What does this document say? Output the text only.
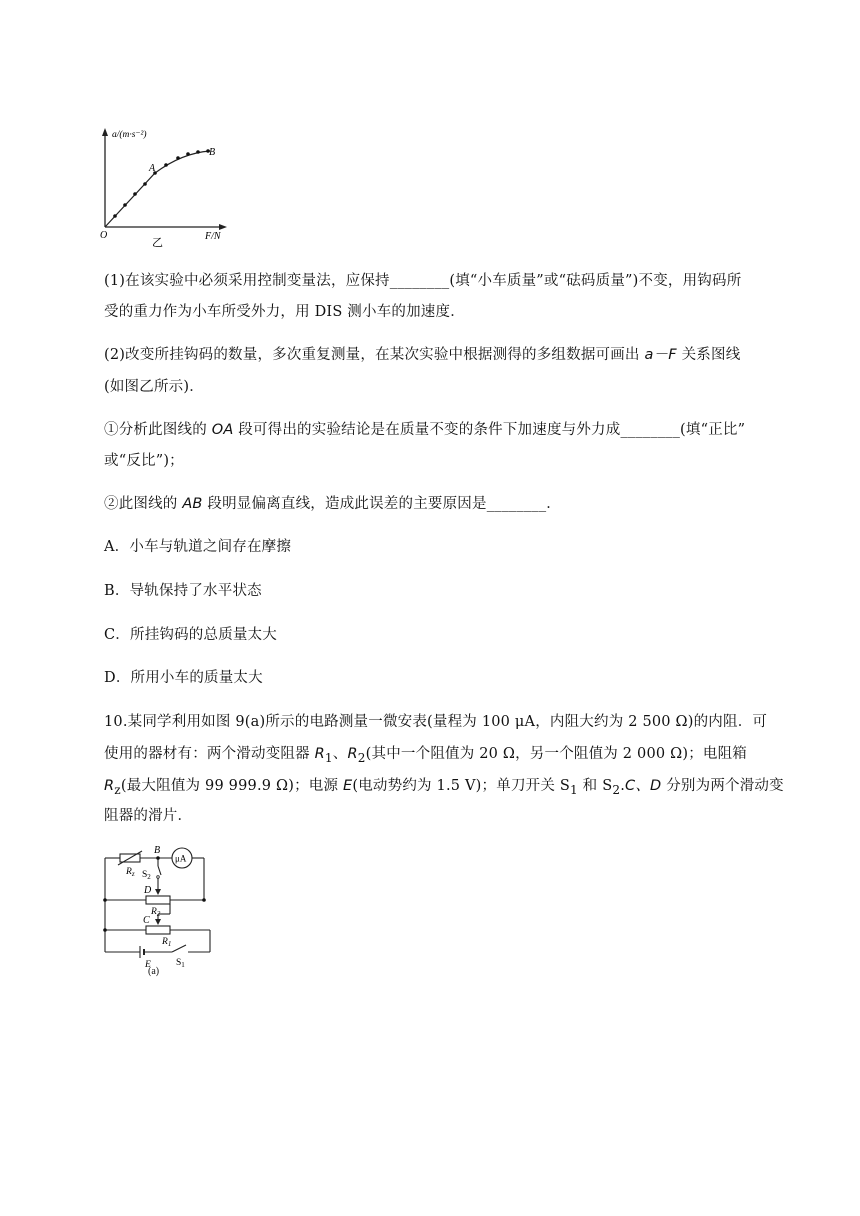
a/(m·s⁻²)
F/N
O
A
B
乙

(1)在该实验中必须采用控制变量法，应保持________(填“小车质量”或“砝码质量”)不变，用钩码所

受的重力作为小车所受外力，用 DIS 测小车的加速度．

(2)改变所挂钩码的数量，多次重复测量，在某次实验中根据测得的多组数据可画出 a－F 关系图线

(如图乙所示)．

①分析此图线的 OA 段可得出的实验结论是在质量不变的条件下加速度与外力成________(填“正比”

或“反比”)；

②此图线的 AB 段明显偏离直线，造成此误差的主要原因是________．

A．小车与轨道之间存在摩擦

B．导轨保持了水平状态

C．所挂钩码的总质量太大

D．所用小车的质量太大

10.某同学利用如图 9(a)所示的电路测量一微安表(量程为 100 μA，内阻大约为 2 500 Ω)的内阻．可

使用的器材有：两个滑动变阻器 $R_1$、$R_2$(其中一个阻值为 20 Ω，另一个阻值为 2 000 Ω)；电阻箱

$R_z$(最大阻值为 99 999.9 Ω)；电源 E(电动势约为 1.5 V)；单刀开关 $S_1$ 和 $S_2.C$、D 分别为两个滑动变

阻器的滑片．

$R_z$
B
μA
$S_2$
D
$R_2$
C
$R_1$
E	$S_1$
(a)
